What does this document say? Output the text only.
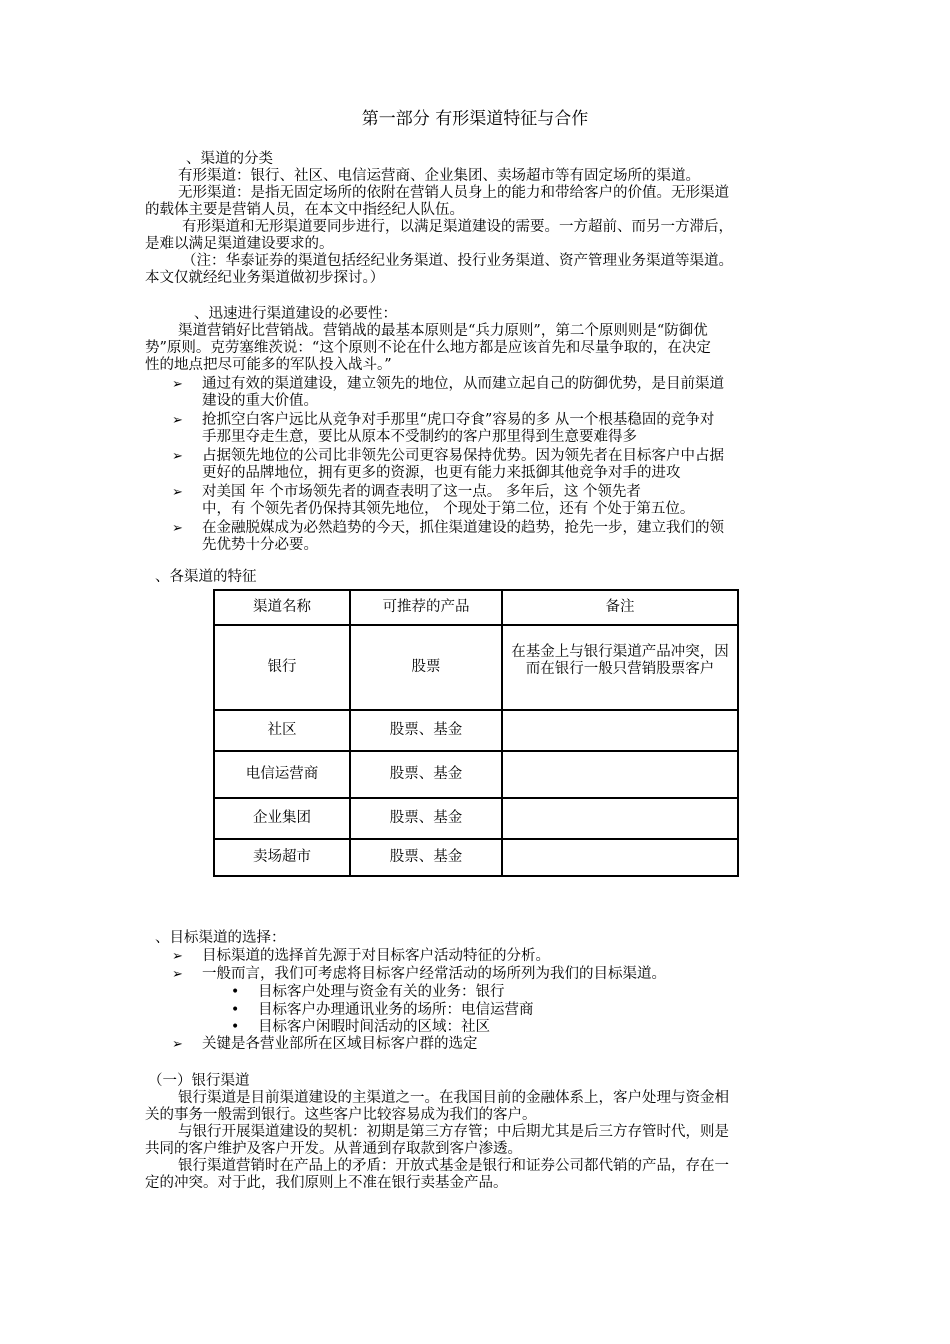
第一部分 有形渠道特征与合作
、渠道的分类
有形渠道：银行、社区、电信运营商、企业集团、卖场超市等有固定场所的渠道。
无形渠道：是指无固定场所的依附在营销人员身上的能力和带给客户的价值。无形渠道
的载体主要是营销人员，在本文中指经纪人队伍。
有形渠道和无形渠道要同步进行，以满足渠道建设的需要。一方超前、而另一方滞后，
是难以满足渠道建设要求的。
（注：华泰证券的渠道包括经纪业务渠道、投行业务渠道、资产管理业务渠道等渠道。
本文仅就经纪业务渠道做初步探讨。）
、迅速进行渠道建设的必要性：
渠道营销好比营销战。营销战的最基本原则是“兵力原则”，第二个原则则是“防御优
势”原则。克劳塞维茨说：“这个原则不论在什么地方都是应该首先和尽量争取的，在决定
性的地点把尽可能多的军队投入战斗。”
➢ 通过有效的渠道建设，建立领先的地位，从而建立起自己的防御优势，是目前渠道
建设的重大价值。
➢ 抢抓空白客户远比从竞争对手那里“虎口夺食”容易的多 从一个根基稳固的竞争对
手那里夺走生意，要比从原本不受制约的客户那里得到生意要难得多
➢ 占据领先地位的公司比非领先公司更容易保持优势。因为领先者在目标客户中占据
更好的品牌地位，拥有更多的资源，也更有能力来抵御其他竞争对手的进攻
➢ 对美国 年 个市场领先者的调查表明了这一点。 多年后，这 个领先者
中，有 个领先者仍保持其领先地位， 个现处于第二位，还有 个处于第五位。
➢ 在金融脱媒成为必然趋势的今天，抓住渠道建设的趋势，抢先一步，建立我们的领
先优势十分必要。
、各渠道的特征
渠道名称	可推荐的产品	备注
银行	股票	在基金上与银行渠道产品冲突，因而在银行一般只营销股票客户
社区	股票、基金	
电信运营商	股票、基金	
企业集团	股票、基金	
卖场超市	股票、基金	
、目标渠道的选择：
➢ 目标渠道的选择首先源于对目标客户活动特征的分析。
➢ 一般而言，我们可考虑将目标客户经常活动的场所列为我们的目标渠道。
• 目标客户处理与资金有关的业务：银行
• 目标客户办理通讯业务的场所：电信运营商
• 目标客户闲暇时间活动的区域：社区
➢ 关键是各营业部所在区域目标客户群的选定
（一）银行渠道
银行渠道是目前渠道建设的主渠道之一。在我国目前的金融体系上，客户处理与资金相
关的事务一般需到银行。这些客户比较容易成为我们的客户。
与银行开展渠道建设的契机：初期是第三方存管；中后期尤其是后三方存管时代，则是
共同的客户维护及客户开发。从普通到存取款到客户渗透。
银行渠道营销时在产品上的矛盾：开放式基金是银行和证券公司都代销的产品，存在一
定的冲突。对于此，我们原则上不准在银行卖基金产品。
